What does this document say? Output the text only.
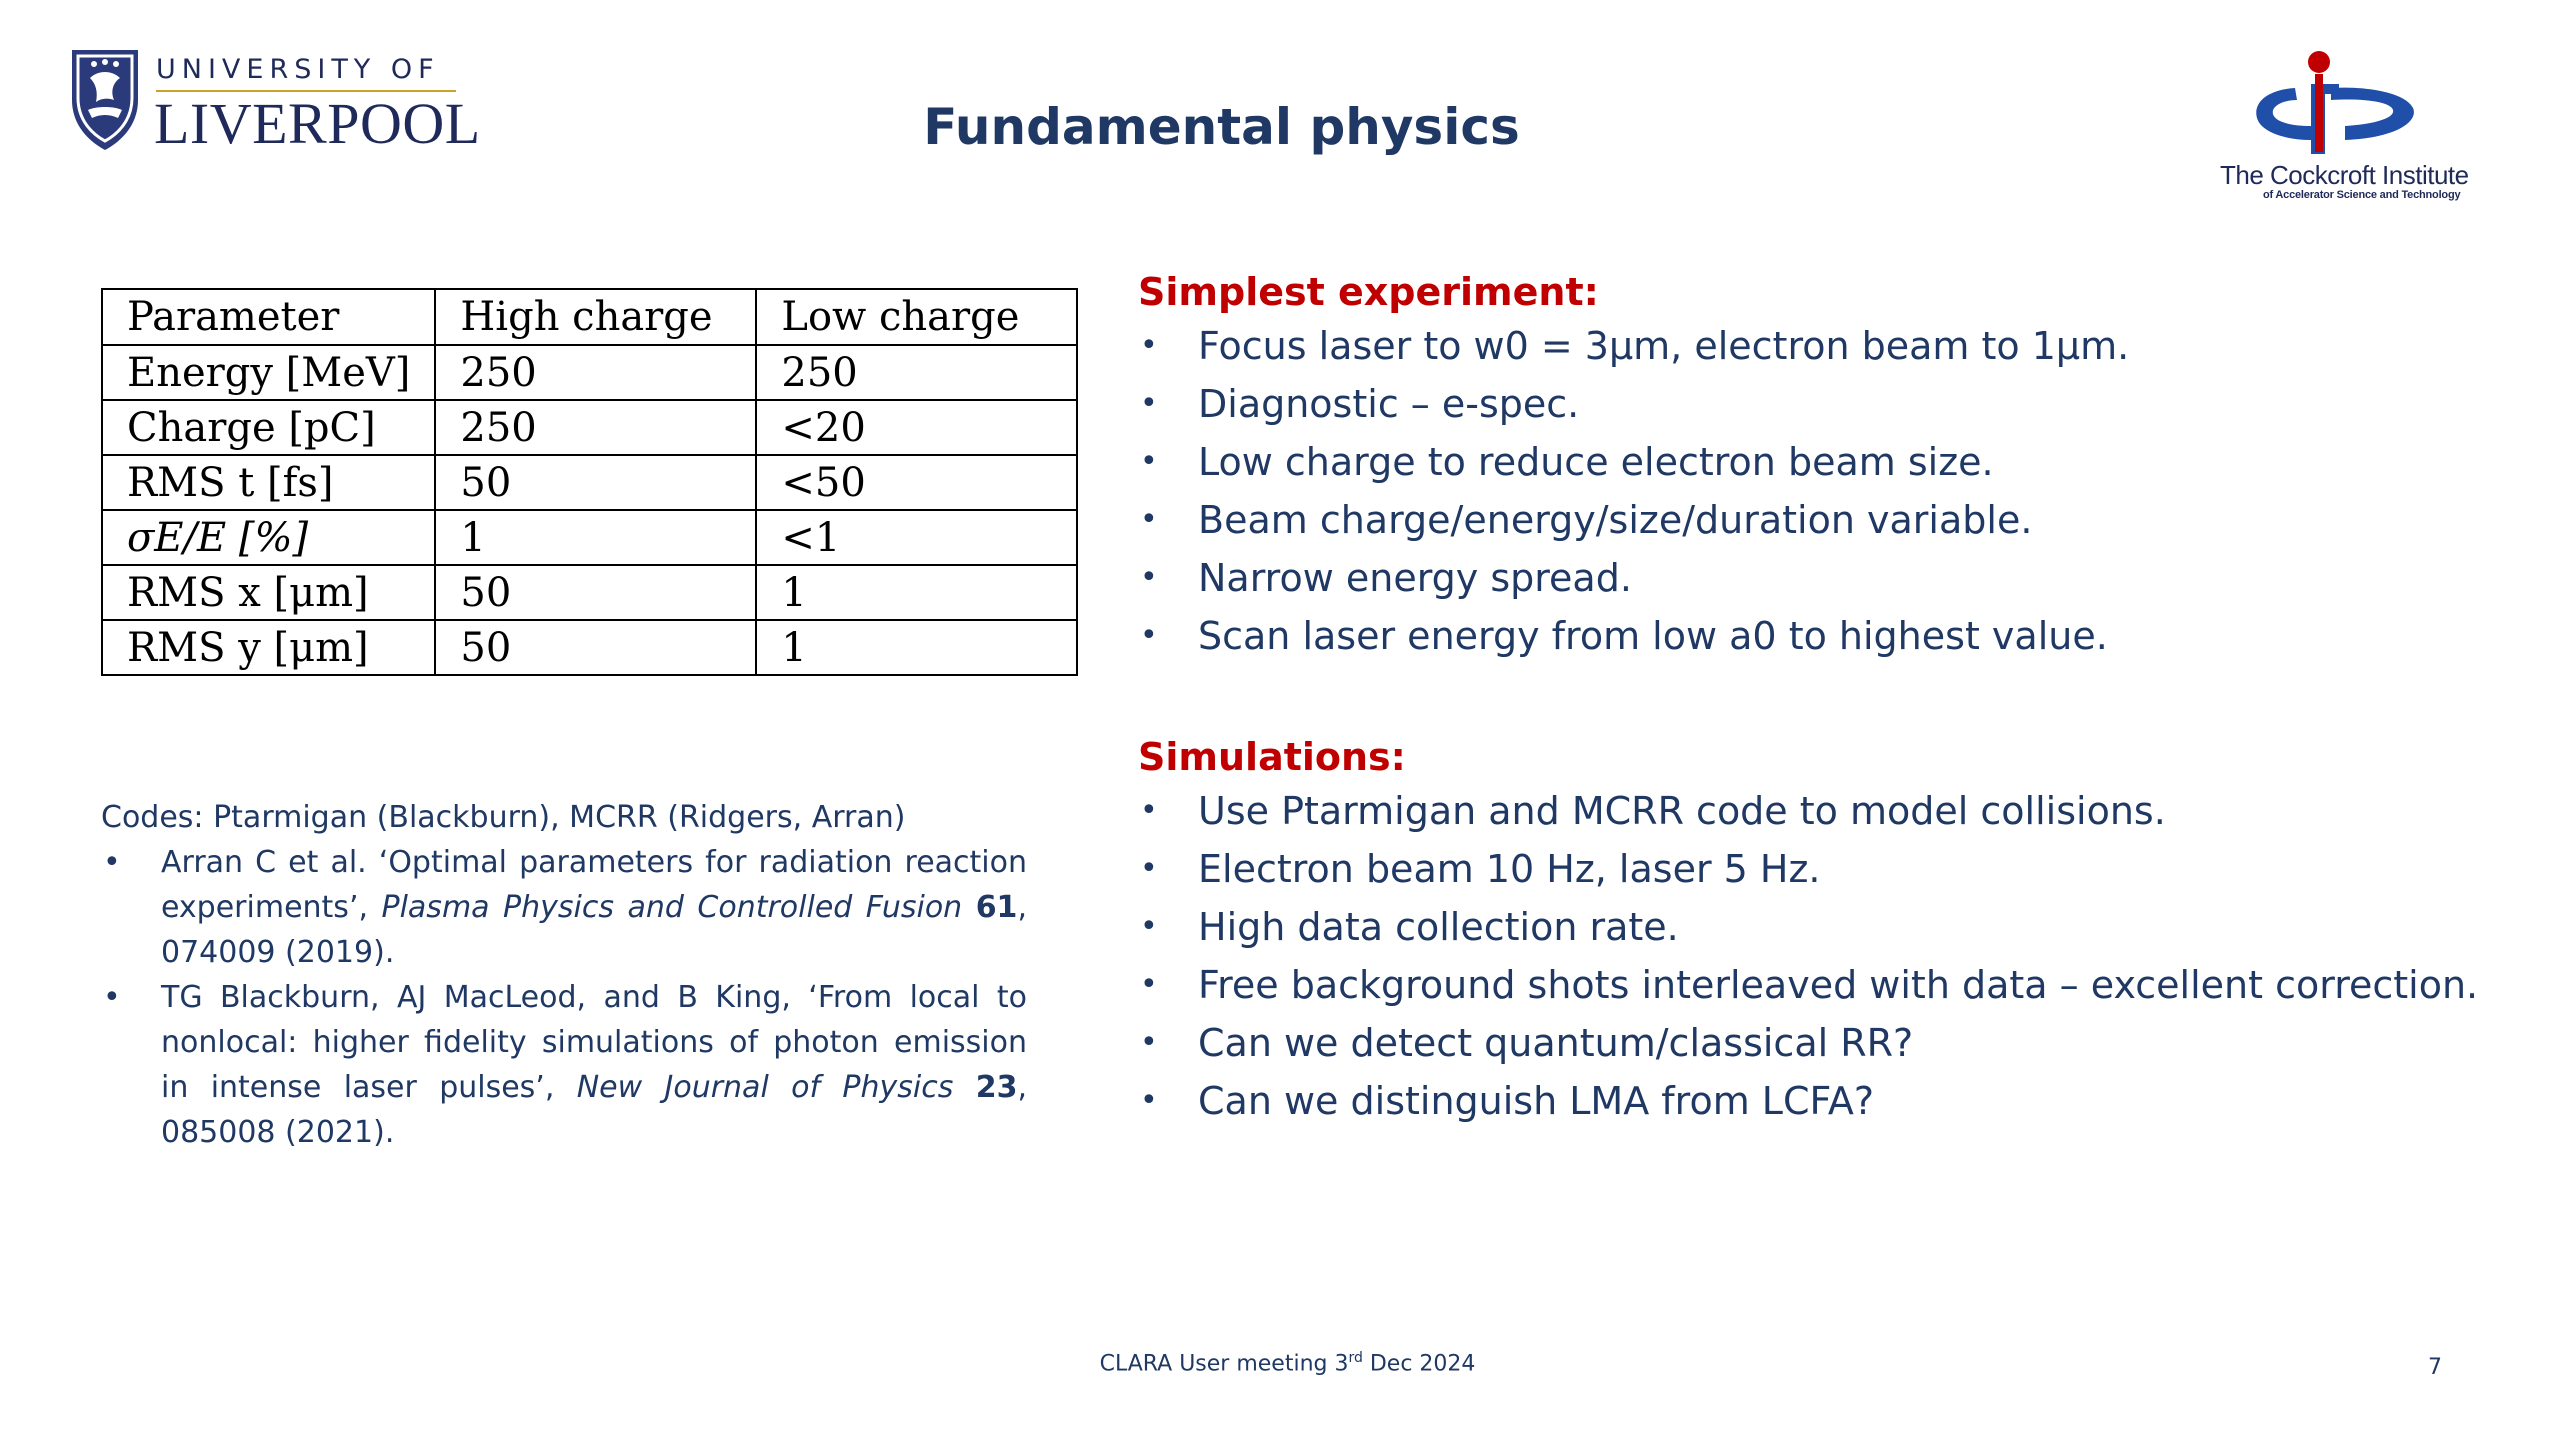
UNIVERSITY OF
LIVERPOOL	Fundamental physics
The Cockcroft Institute
of Accelerator Science and Technology
Parameter	High charge	Low charge
Energy [MeV]	250	250
Charge [pC]	250	<20
RMS t [fs]	50	<50
σE/E [%]	1	<1
RMS x [μm]	50	1
RMS y [μm]	50	1

Codes: Ptarmigan (Blackburn), MCRR (Ridgers, Arran)

• Arran C et al. ‘Optimal parameters for radiation reaction experiments’, Plasma Physics and Controlled Fusion 61, 074009 (2019).
• TG Blackburn, AJ MacLeod, and B King, ‘From local to nonlocal: higher fidelity simulations of photon emission in intense laser pulses’, New Journal of Physics 23, 085008 (2021).

Simplest experiment:

• Focus laser to w0 = 3μm, electron beam to 1μm.
• Diagnostic – e-spec.
• Low charge to reduce electron beam size.
• Beam charge/energy/size/duration variable.
• Narrow energy spread.
• Scan laser energy from low a0 to highest value.

Simulations:

• Use Ptarmigan and MCRR code to model collisions.
• Electron beam 10 Hz, laser 5 Hz.
• High data collection rate.
• Free background shots interleaved with data – excellent correction.
• Can we detect quantum/classical RR?
• Can we distinguish LMA from LCFA?
CLARA User meeting 3rd Dec 2024	7
